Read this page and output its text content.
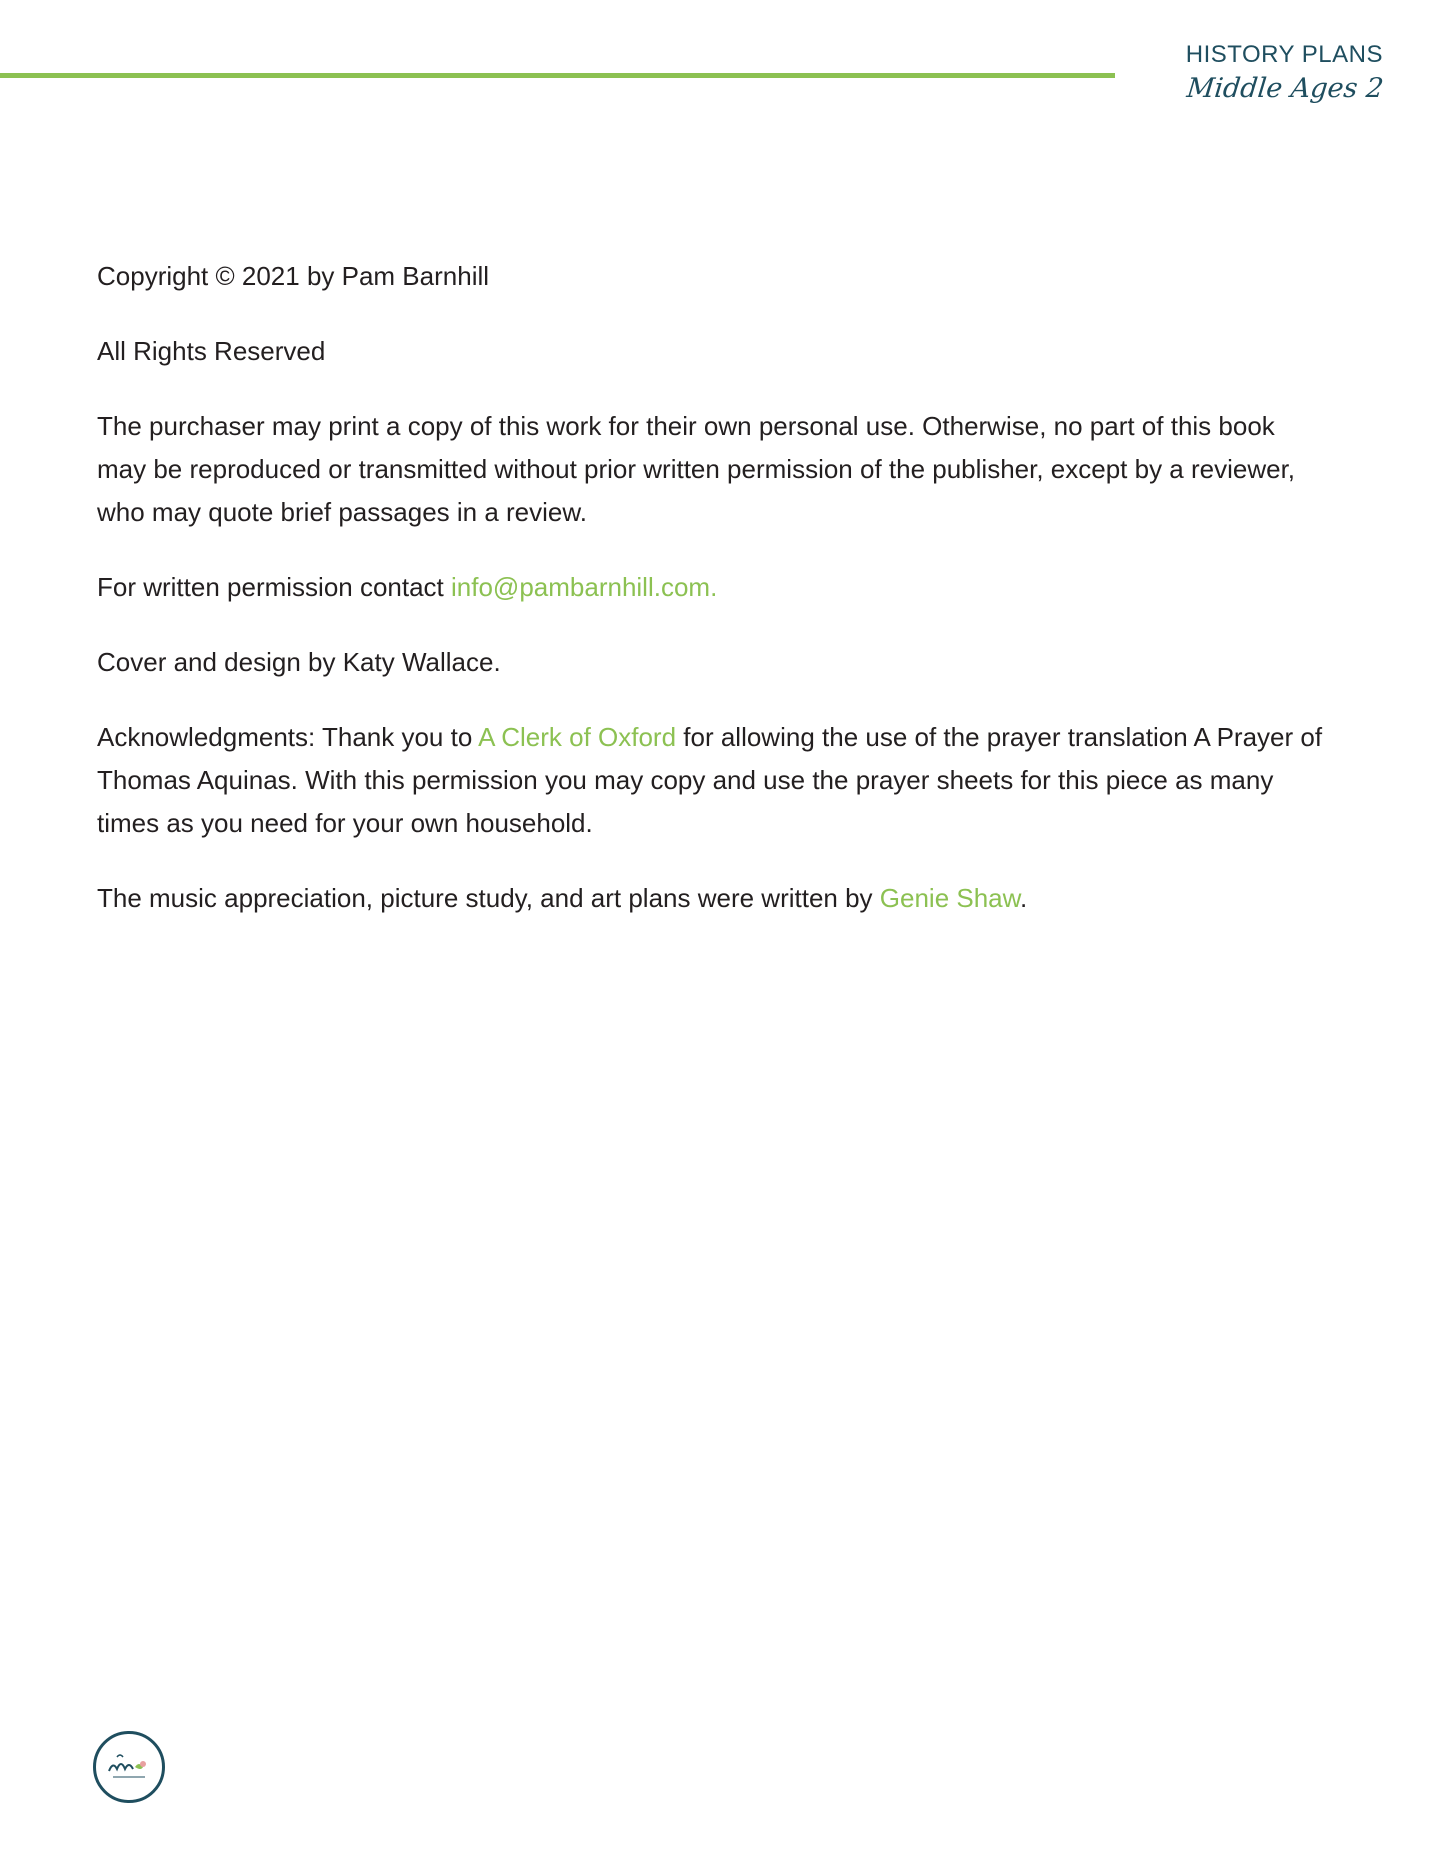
HISTORY PLANS
Middle Ages 2

Copyright © 2021 by Pam Barnhill

All Rights Reserved

The purchaser may print a copy of this work for their own personal use. Otherwise, no part of this book may be reproduced or transmitted without prior written permission of the publisher, except by a reviewer, who may quote brief passages in a review.

For written permission contact info@pambarnhill.com.

Cover and design by Katy Wallace.

Acknowledgments: Thank you to A Clerk of Oxford for allowing the use of the prayer translation A Prayer of Thomas Aquinas. With this permission you may copy and use the prayer sheets for this piece as many times as you need for your own household.

The music appreciation, picture study, and art plans were written by Genie Shaw.
